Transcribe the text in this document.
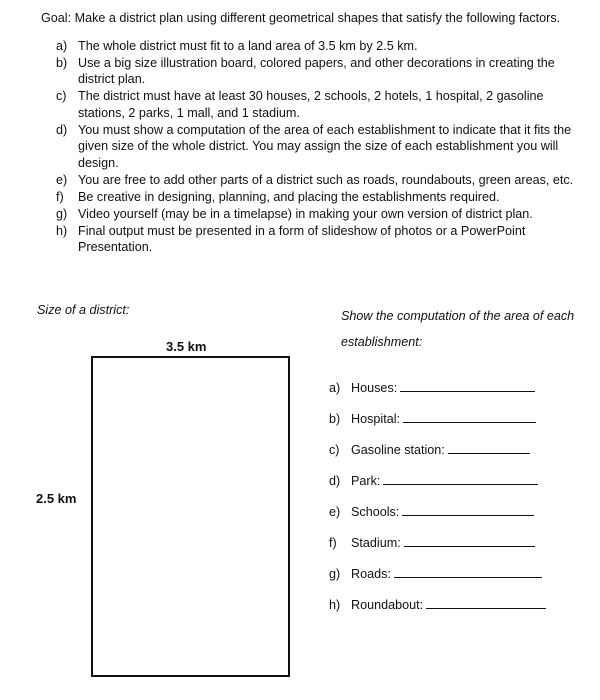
Goal: Make a district plan using different geometrical shapes that satisfy the following factors.

a) The whole district must fit to a land area of 3.5 km by 2.5 km.
b) Use a big size illustration board, colored papers, and other decorations in creating the district plan.
c) The district must have at least 30 houses, 2 schools, 2 hotels, 1 hospital, 2 gasoline stations, 2 parks, 1 mall, and 1 stadium.
d) You must show a computation of the area of each establishment to indicate that it fits the given size of the whole district. You may assign the size of each establishment you will design.
e) You are free to add other parts of a district such as roads, roundabouts, green areas, etc.
f) Be creative in designing, planning, and placing the establishments required.
g) Video yourself (may be in a timelapse) in making your own version of district plan.
h) Final output must be presented in a form of slideshow of photos or a PowerPoint Presentation.
Size of a district:	Show the computation of the area of each establishment:
3.5 km
2.5 km
a) Houses:
b) Hospital:
c) Gasoline station:
d) Park:
e) Schools:
f) Stadium:
g) Roads:
h) Roundabout:
